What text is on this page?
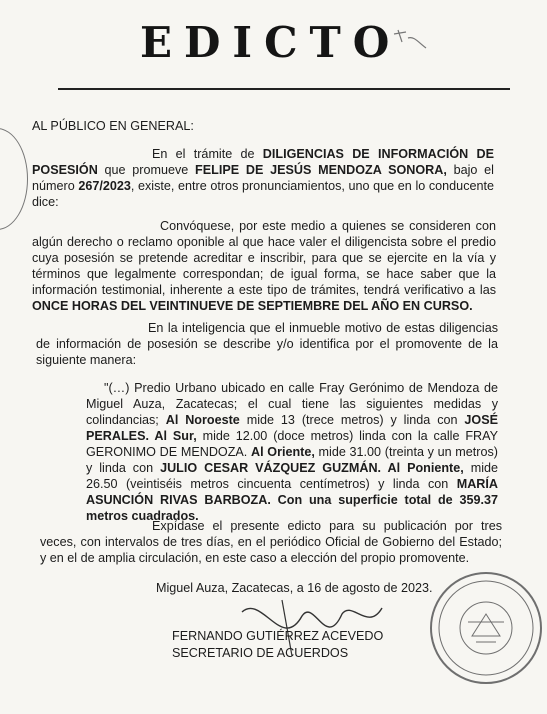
EDICTO
AL PÚBLICO EN GENERAL:
En el trámite de DILIGENCIAS DE INFORMACIÓN DE POSESIÓN que promueve FELIPE DE JESÚS MENDOZA SONORA, bajo el número 267/2023, existe, entre otros pronunciamientos, uno que en lo conducente dice:
Convóquese, por este medio a quienes se consideren con algún derecho o reclamo oponible al que hace valer el diligencista sobre el predio cuya posesión se pretende acreditar e inscribir, para que se ejercite en la vía y términos que legalmente correspondan; de igual forma, se hace saber que la información testimonial, inherente a este tipo de trámites, tendrá verificativo a las ONCE HORAS DEL VEINTINUEVE DE SEPTIEMBRE DEL AÑO EN CURSO.
En la inteligencia que el inmueble motivo de estas diligencias de información de posesión se describe y/o identifica por el promovente de la siguiente manera:
"(…) Predio Urbano ubicado en calle Fray Gerónimo de Mendoza de Miguel Auza, Zacatecas; el cual tiene las siguientes medidas y colindancias; Al Noroeste mide 13 (trece metros) y linda con JOSÉ PERALES. Al Sur, mide 12.00 (doce metros) linda con la calle FRAY GERONIMO DE MENDOZA. Al Oriente, mide 31.00 (treinta y un metros) y linda con JULIO CESAR VÁZQUEZ GUZMÁN. Al Poniente, mide 26.50 (veintiséis metros cincuenta centímetros) y linda con MARÍA ASUNCIÓN RIVAS BARBOZA. Con una superficie total de 359.37 metros cuadrados.
Expídase el presente edicto para su publicación por tres veces, con intervalos de tres días, en el periódico Oficial de Gobierno del Estado; y en el de amplia circulación, en este caso a elección del propio promovente.
Miguel Auza, Zacatecas, a 16 de agosto de 2023.
FERNANDO GUTIÉRREZ ACEVEDO
SECRETARIO DE ACUERDOS
